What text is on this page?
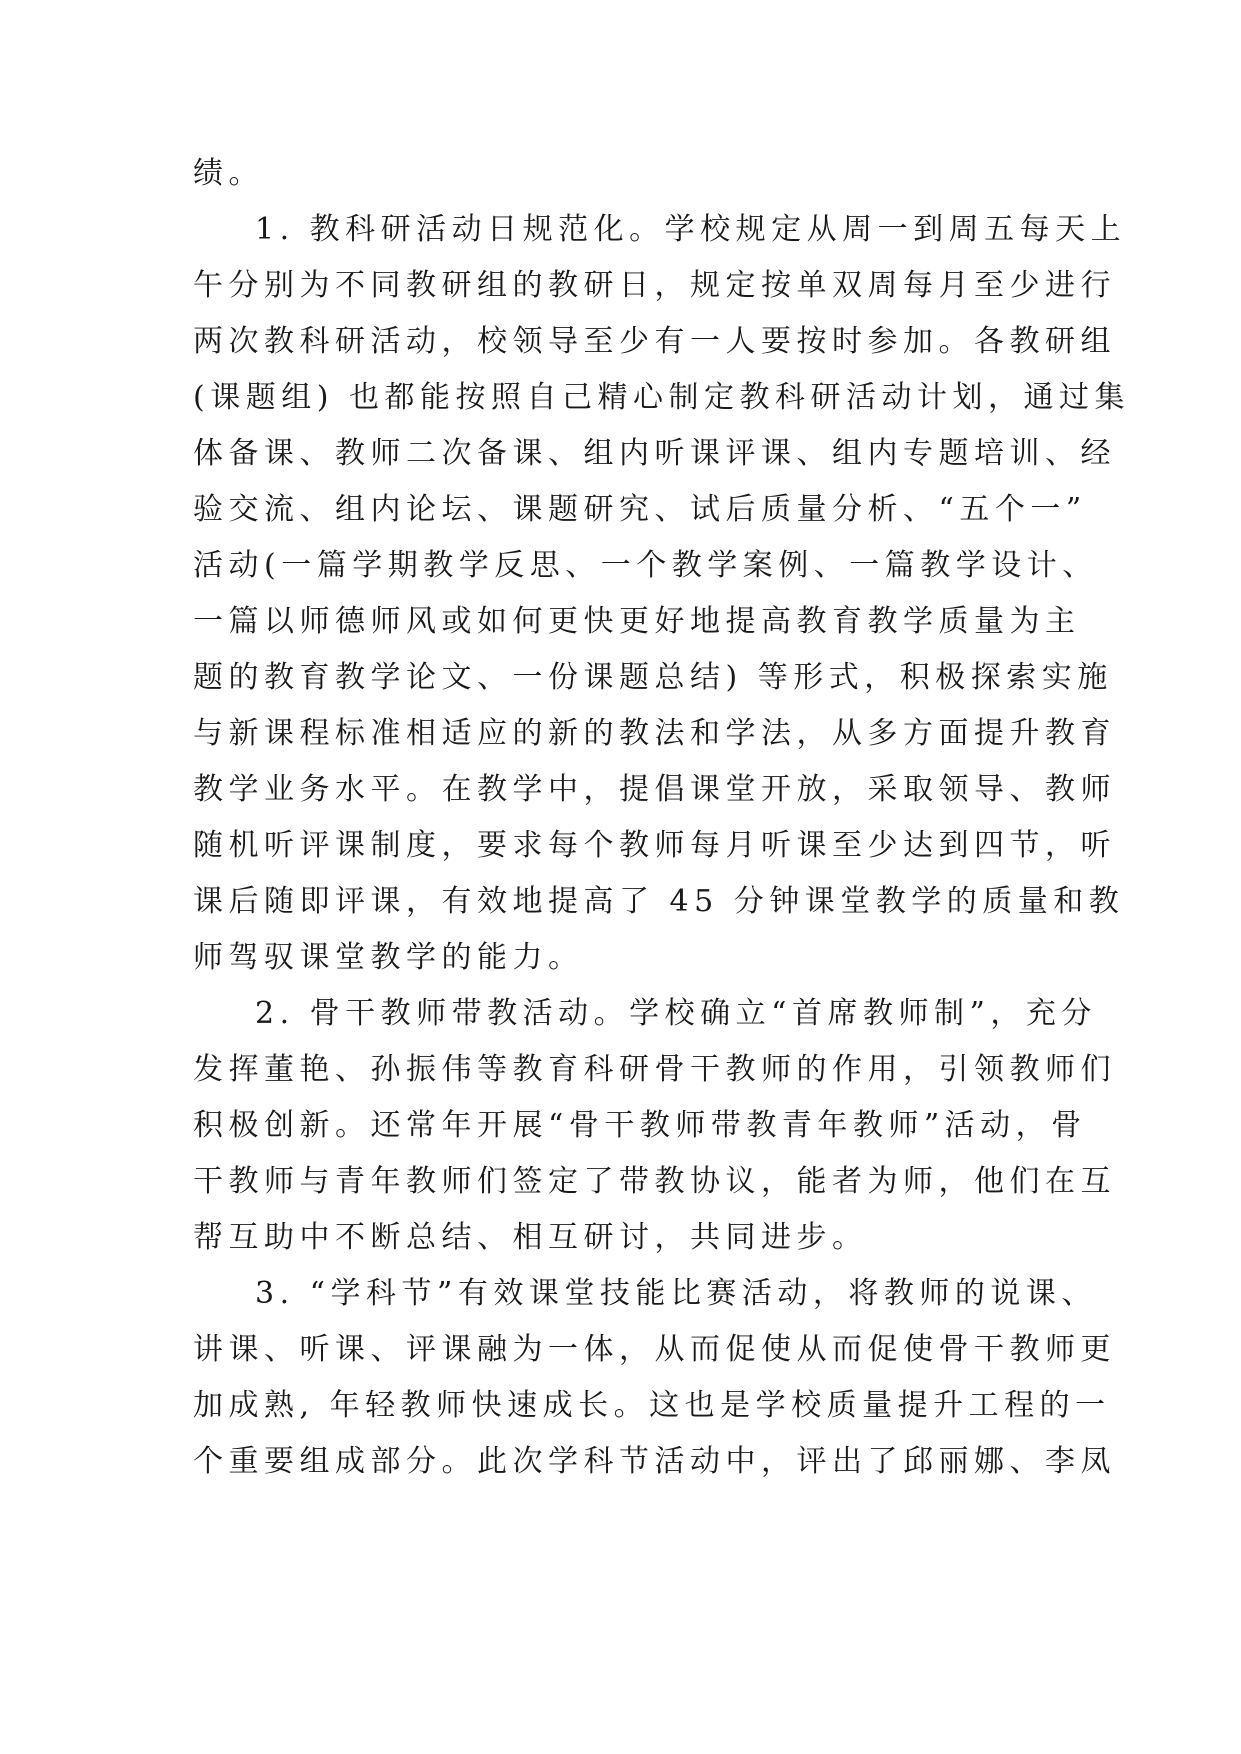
绩。
1. 教科研活动日规范化。学校规定从周一到周五每天上
午分别为不同教研组的教研日，规定按单双周每月至少进行
两次教科研活动，校领导至少有一人要按时参加。各教研组
(课题组) 也都能按照自己精心制定教科研活动计划，通过集
体备课、教师二次备课、组内听课评课、组内专题培训、经
验交流、组内论坛、课题研究、试后质量分析、“五个一”
活动(一篇学期教学反思、一个教学案例、一篇教学设计、
一篇以师德师风或如何更快更好地提高教育教学质量为主
题的教育教学论文、一份课题总结) 等形式，积极探索实施
与新课程标准相适应的新的教法和学法，从多方面提升教育
教学业务水平。在教学中，提倡课堂开放，采取领导、教师
随机听评课制度，要求每个教师每月听课至少达到四节，听
课后随即评课，有效地提高了 45 分钟课堂教学的质量和教
师驾驭课堂教学的能力。
2. 骨干教师带教活动。学校确立“首席教师制”，充分
发挥董艳、孙振伟等教育科研骨干教师的作用，引领教师们
积极创新。还常年开展“骨干教师带教青年教师”活动，骨
干教师与青年教师们签定了带教协议，能者为师，他们在互
帮互助中不断总结、相互研讨，共同进步。
3. “学科节”有效课堂技能比赛活动，将教师的说课、
讲课、听课、评课融为一体，从而促使从而促使骨干教师更
加成熟, 年轻教师快速成长。这也是学校质量提升工程的一
个重要组成部分。此次学科节活动中，评出了邱丽娜、李凤
